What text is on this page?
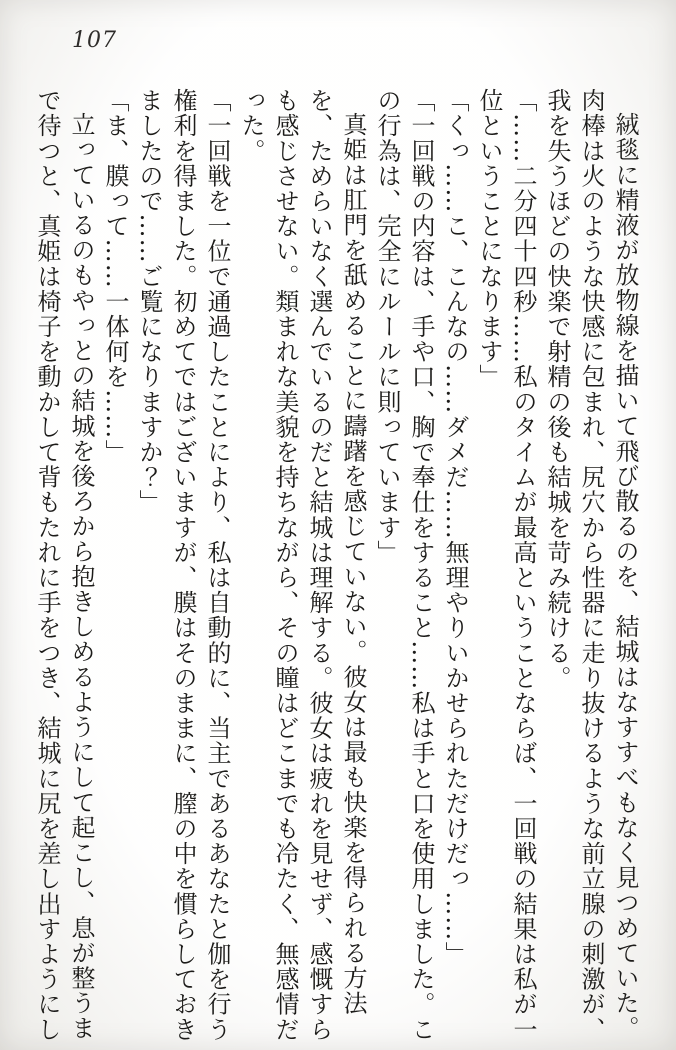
107

絨毯に精液が放物線を描いて飛び散るのを、結城はなすすべもなく見つめていた。肉棒は火のような快感に包まれ、尻穴から性器に走り抜けるような前立腺の刺激が、我を失うほどの快楽で射精の後も結城を苛み続ける。

「……二分四十四秒……私のタイムが最高ということならば、一回戦の結果は私が一位ということになります」

「くっ……こ、こんなの……ダメだ……無理やりいかせられただけだっ……」

「一回戦の内容は、手や口、胸で奉仕をすること……私は手と口を使用しました。この行為は、完全にルールに則っています」

真姫は肛門を舐めることに躊躇を感じていない。彼女は最も快楽を得られる方法を、ためらいなく選んでいるのだと結城は理解する。彼女は疲れを見せず、感慨すらも感じさせない。類まれな美貌を持ちながら、その瞳はどこまでも冷たく、無感情だった。

「一回戦を一位で通過したことにより、私は自動的に、当主であるあなたと伽を行う権利を得ました。初めてではございますが、膜はそのままに、膣の中を慣らしておきましたので……ご覧になりますか？」

「ま、膜って……一体何を……」

立っているのもやっとの結城を後ろから抱きしめるようにして起こし、息が整うまで待つと、真姫は椅子を動かして背もたれに手をつき、結城に尻を差し出すようにし
